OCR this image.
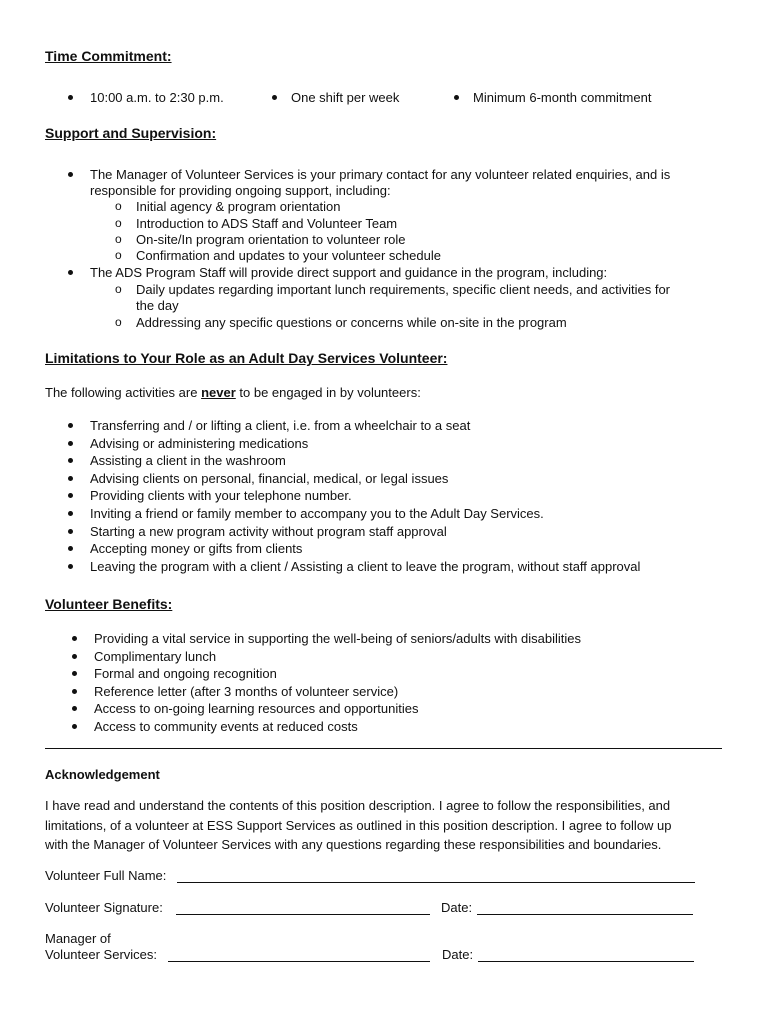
Time Commitment:
10:00 a.m. to 2:30 p.m.	One shift per week	Minimum 6-month commitment
Support and Supervision:
The Manager of Volunteer Services is your primary contact for any volunteer related enquiries, and is
responsible for providing ongoing support, including:
o Initial agency & program orientation
o Introduction to ADS Staff and Volunteer Team
o On-site/In program orientation to volunteer role
o Confirmation and updates to your volunteer schedule
The ADS Program Staff will provide direct support and guidance in the program, including:
o Daily updates regarding important lunch requirements, specific client needs, and activities for
the day
o Addressing any specific questions or concerns while on-site in the program
Limitations to Your Role as an Adult Day Services Volunteer:
The following activities are never to be engaged in by volunteers:
Transferring and / or lifting a client, i.e. from a wheelchair to a seat
Advising or administering medications
Assisting a client in the washroom
Advising clients on personal, financial, medical, or legal issues
Providing clients with your telephone number.
Inviting a friend or family member to accompany you to the Adult Day Services.
Starting a new program activity without program staff approval
Accepting money or gifts from clients
Leaving the program with a client / Assisting a client to leave the program, without staff approval
Volunteer Benefits:
Providing a vital service in supporting the well-being of seniors/adults with disabilities
Complimentary lunch
Formal and ongoing recognition
Reference letter (after 3 months of volunteer service)
Access to on-going learning resources and opportunities
Access to community events at reduced costs
Acknowledgement
I have read and understand the contents of this position description. I agree to follow the responsibilities, and
limitations, of a volunteer at ESS Support Services as outlined in this position description. I agree to follow up
with the Manager of Volunteer Services with any questions regarding these responsibilities and boundaries.
Volunteer Full Name:
Volunteer Signature:	Date:
Manager of
Volunteer Services:	Date:
